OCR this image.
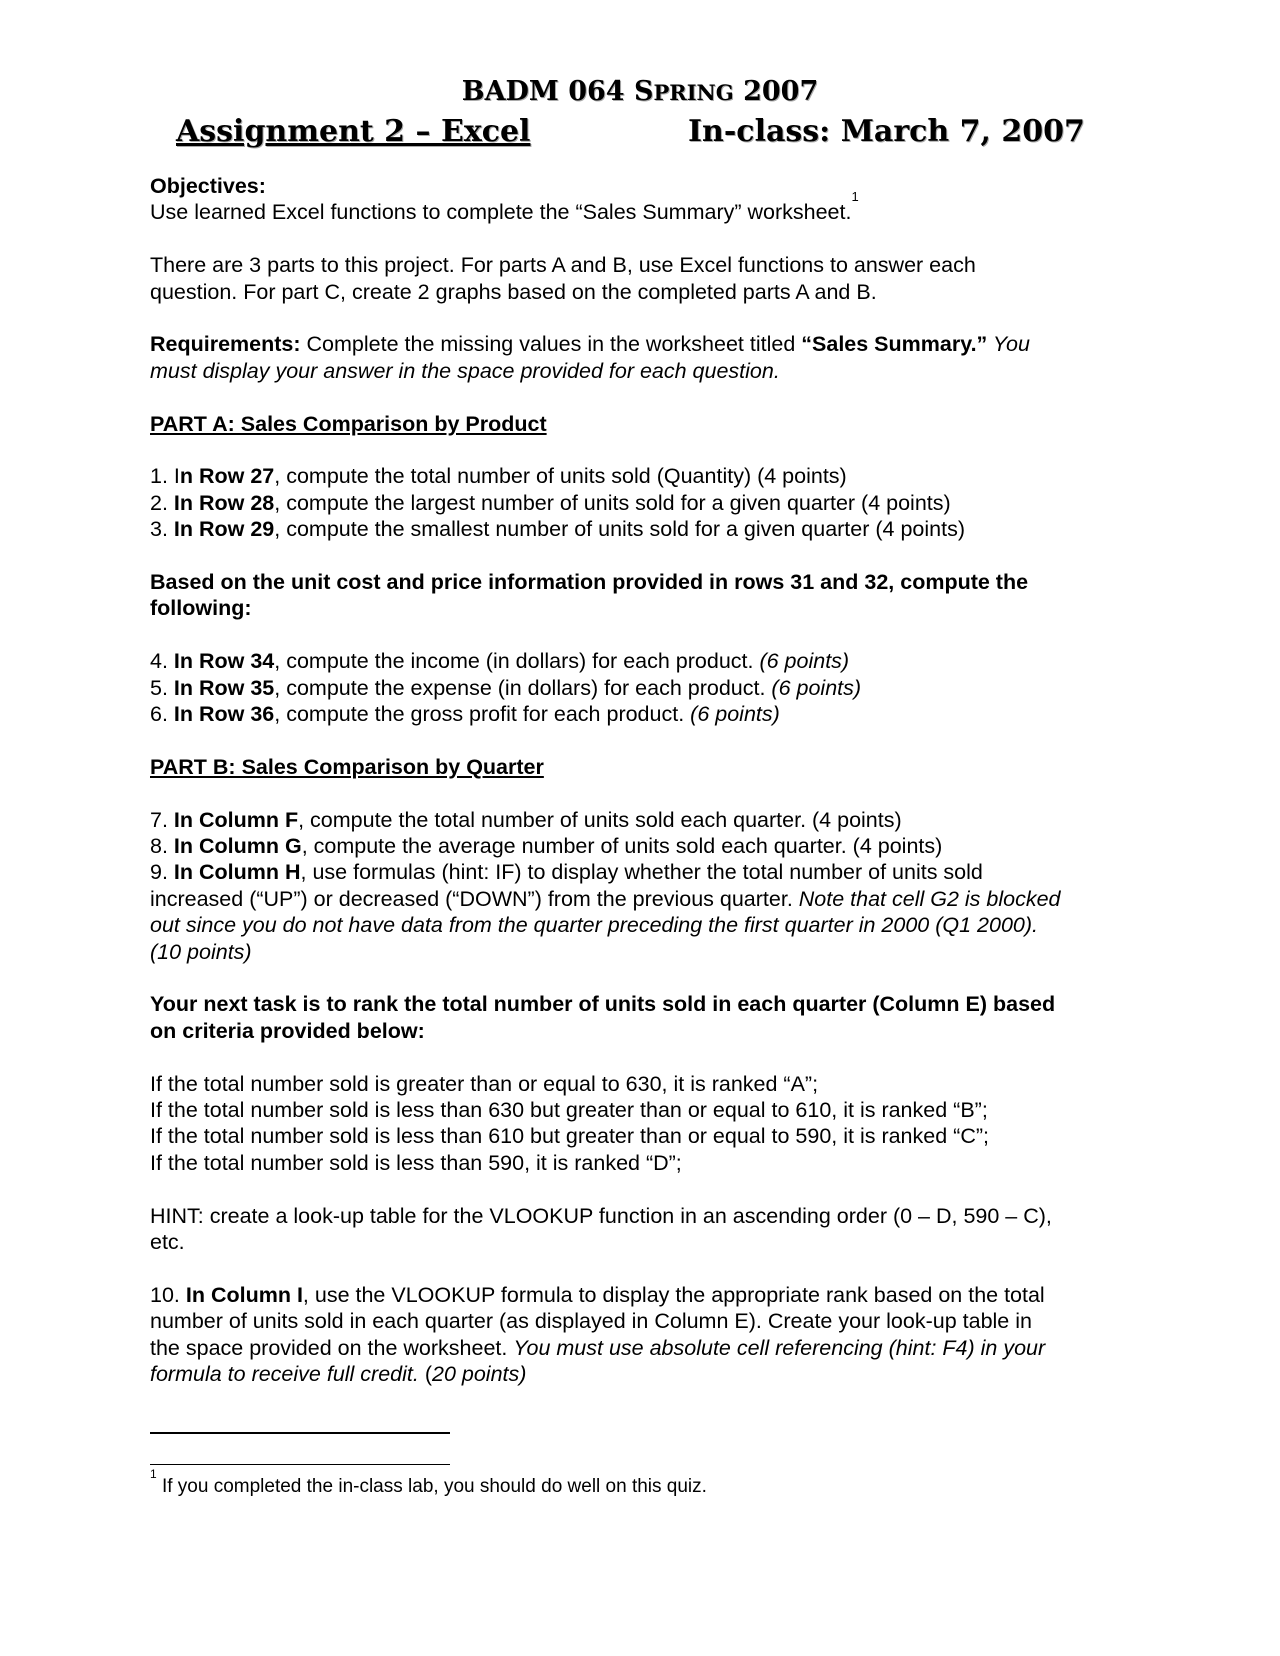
BADM 064 SPRING 2007
Assignment 2 – Excel	In-class: March 7, 2007

Objectives:

Use learned Excel functions to complete the “Sales Summary” worksheet.$^1$

There are 3 parts to this project. For parts A and B, use Excel functions to answer each

question. For part C, create 2 graphs based on the completed parts A and B.

Requirements: Complete the missing values in the worksheet titled “Sales Summary.” You

must display your answer in the space provided for each question.

PART A: Sales Comparison by Product

1. In Row 27, compute the total number of units sold (Quantity) (4 points)

2. In Row 28, compute the largest number of units sold for a given quarter (4 points)

3. In Row 29, compute the smallest number of units sold for a given quarter (4 points)

Based on the unit cost and price information provided in rows 31 and 32, compute the

following:

4. In Row 34, compute the income (in dollars) for each product. (6 points)

5. In Row 35, compute the expense (in dollars) for each product. (6 points)

6. In Row 36, compute the gross profit for each product. (6 points)

PART B: Sales Comparison by Quarter

7. In Column F, compute the total number of units sold each quarter. (4 points)

8. In Column G, compute the average number of units sold each quarter. (4 points)

9. In Column H, use formulas (hint: IF) to display whether the total number of units sold

increased (“UP”) or decreased (“DOWN”) from the previous quarter. Note that cell G2 is blocked

out since you do not have data from the quarter preceding the first quarter in 2000 (Q1 2000).

(10 points)

Your next task is to rank the total number of units sold in each quarter (Column E) based

on criteria provided below:

If the total number sold is greater than or equal to 630, it is ranked “A”;

If the total number sold is less than 630 but greater than or equal to 610, it is ranked “B”;

If the total number sold is less than 610 but greater than or equal to 590, it is ranked “C”;

If the total number sold is less than 590, it is ranked “D”;

HINT: create a look-up table for the VLOOKUP function in an ascending order (0 – D, 590 – C),

etc.

10. In Column I, use the VLOOKUP formula to display the appropriate rank based on the total

number of units sold in each quarter (as displayed in Column E). Create your look-up table in

the space provided on the worksheet. You must use absolute cell referencing (hint: F4) in your

formula to receive full credit. (20 points)

$^1$ If you completed the in-class lab, you should do well on this quiz.
